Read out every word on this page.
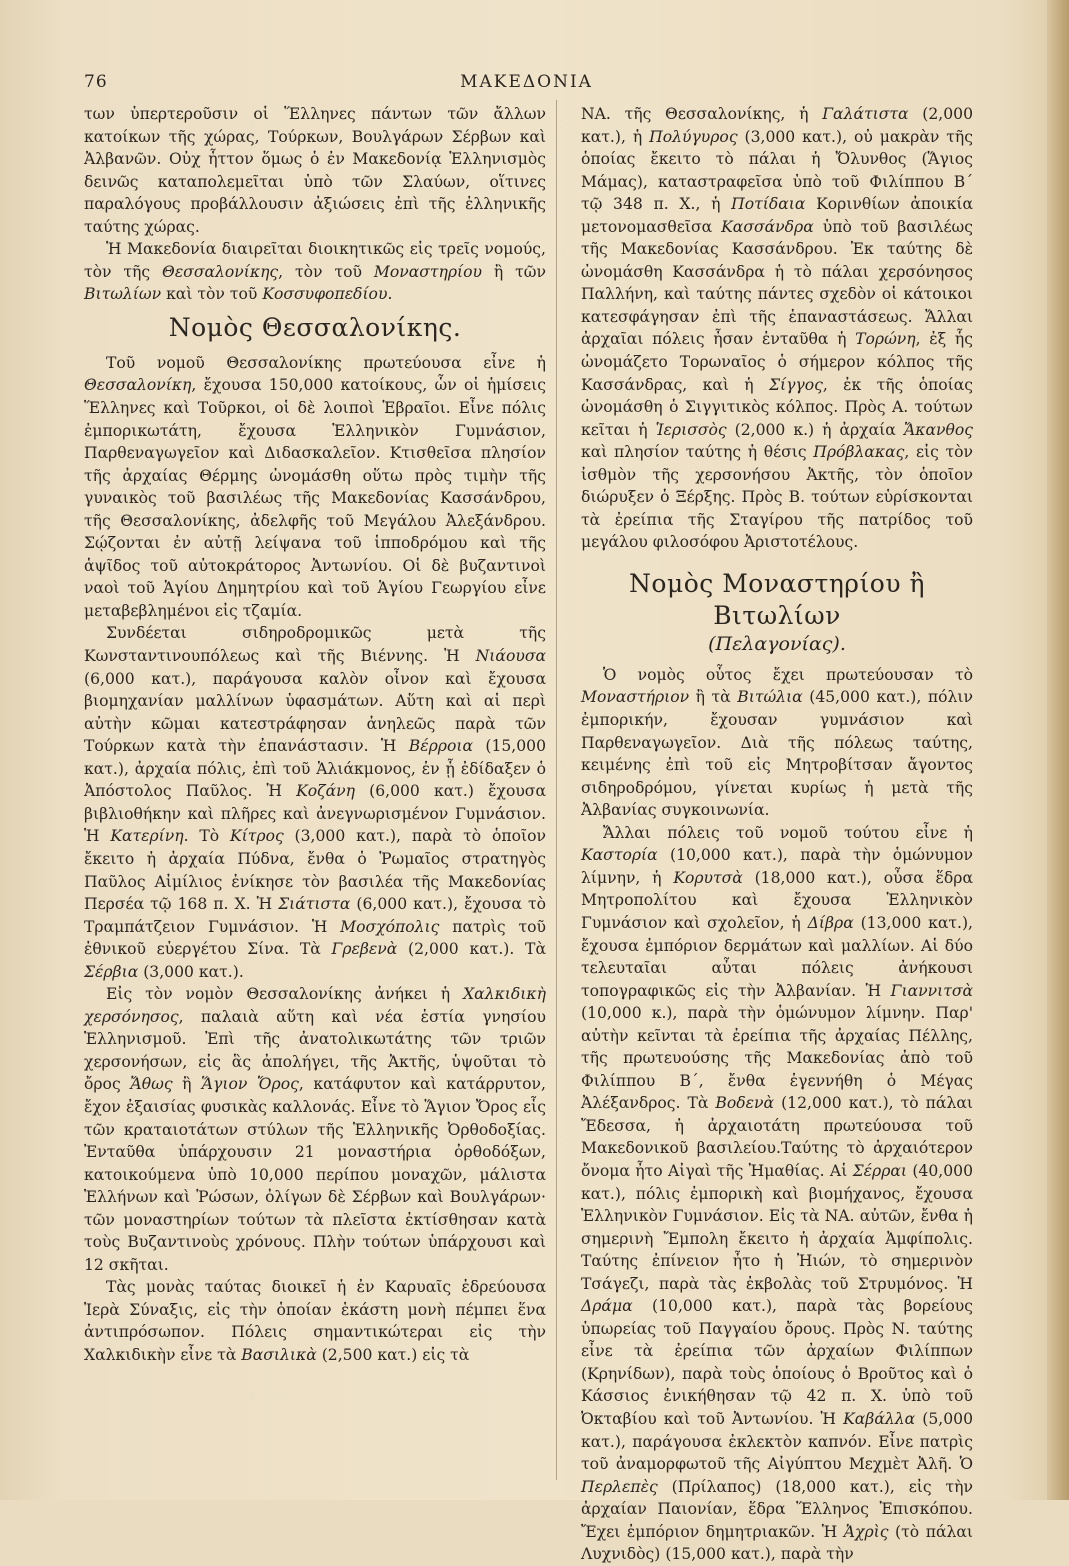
76	ΜΑΚΕΔΟΝΙΑ

των ὑπερτεροῦσιν οἱ Ἕλληνες πάντων τῶν ἄλλων κατοίκων τῆς χώρας, Τούρκων, Βουλγάρων Σέρβων καὶ Ἀλβανῶν. Οὐχ ἧττον ὅμως ὁ ἐν Μακεδονίᾳ Ἑλληνισμὸς δεινῶς καταπολεμεῖται ὑπὸ τῶν Σλαύων, οἵτινες παραλόγους προβάλλουσιν ἀξιώσεις ἐπὶ τῆς ἑλληνικῆς ταύτης χώρας.

Ἡ Μακεδονία διαιρεῖται διοικητικῶς εἰς τρεῖς νομούς, τὸν τῆς Θεσσαλονίκης, τὸν τοῦ Μοναστηρίου ἢ τῶν Βιτωλίων καὶ τὸν τοῦ Κοσσυφοπεδίου.

Νομὸς Θεσσαλονίκης.

Τοῦ νομοῦ Θεσσαλονίκης πρωτεύουσα εἶνε ἡ Θεσσαλονίκη, ἔχουσα 150,000 κατοίκους, ὧν οἱ ἡμίσεις Ἕλληνες καὶ Τοῦρκοι, οἱ δὲ λοιποὶ Ἑβραῖοι. Εἶνε πόλις ἐμπορικωτάτη, ἔχουσα Ἑλληνικὸν Γυμνάσιον, Παρθεναγωγεῖον καὶ Διδασκαλεῖον. Κτισθεῖσα πλησίον τῆς ἀρχαίας Θέρμης ὠνομάσθη οὕτω πρὸς τιμὴν τῆς γυναικὸς τοῦ βασιλέως τῆς Μακεδονίας Κασσάνδρου, τῆς Θεσσαλονίκης, ἀδελφῆς τοῦ Μεγάλου Ἀλεξάνδρου. Σῴζονται ἐν αὐτῇ λείψανα τοῦ ἱπποδρόμου καὶ τῆς ἁψῖδος τοῦ αὐτοκράτορος Ἀντωνίου. Οἱ δὲ βυζαντινοὶ ναοὶ τοῦ Ἁγίου Δημητρίου καὶ τοῦ Ἁγίου Γεωργίου εἶνε μεταβεβλημένοι εἰς τζαμία.

Συνδέεται σιδηροδρομικῶς μετὰ τῆς Κωνσταντινουπόλεως καὶ τῆς Βιέννης. Ἡ Νιάουσα (6,000 κατ.), παράγουσα καλὸν οἶνον καὶ ἔχουσα βιομηχανίαν μαλλίνων ὑφασμάτων. Αὕτη καὶ αἱ περὶ αὐτὴν κῶμαι κατεστράφησαν ἀνηλεῶς παρὰ τῶν Τούρκων κατὰ τὴν ἐπανάστασιν. Ἡ Βέρροια (15,000 κατ.), ἀρχαία πόλις, ἐπὶ τοῦ Ἁλιάκμονος, ἐν ᾗ ἐδίδαξεν ὁ Ἀπόστολος Παῦλος. Ἡ Κοζάνη (6,000 κατ.) ἔχουσα βιβλιοθήκην καὶ πλῆρες καὶ ἀνεγνωρισμένον Γυμνάσιον. Ἡ Κατερίνη. Τὸ Κίτρος (3,000 κατ.), παρὰ τὸ ὁποῖον ἔκειτο ἡ ἀρχαία Πύδνα, ἔνθα ὁ Ῥωμαῖος στρατηγὸς Παῦλος Αἰμίλιος ἐνίκησε τὸν βασιλέα τῆς Μακεδονίας Περσέα τῷ 168 π. Χ. Ἡ Σιάτιστα (6,000 κατ.), ἔχουσα τὸ Τραμπάτζειον Γυμνάσιον. Ἡ Μοσχόπολις πατρὶς τοῦ ἐθνικοῦ εὐεργέτου Σίνα. Τὰ Γρεβενὰ (2,000 κατ.). Τὰ Σέρβια (3,000 κατ.).

Εἰς τὸν νομὸν Θεσσαλονίκης ἀνήκει ἡ Χαλκιδικὴ χερσόνησος, παλαιὰ αὕτη καὶ νέα ἑστία γνησίου Ἑλληνισμοῦ. Ἐπὶ τῆς ἀνατολικωτάτης τῶν τριῶν χερσονήσων, εἰς ἃς ἀπολήγει, τῆς Ἀκτῆς, ὑψοῦται τὸ ὄρος Ἄθως ἢ Ἅγιον Ὄρος, κατάφυτον καὶ κατάρρυτον, ἔχον ἐξαισίας φυσικὰς καλλονάς. Εἶνε τὸ Ἅγιον Ὄρος εἷς τῶν κραταιοτάτων στύλων τῆς Ἑλληνικῆς Ὀρθοδοξίας. Ἐνταῦθα ὑπάρχουσιν 21 μοναστήρια ὀρθοδόξων, κατοικούμενα ὑπὸ 10,000 περίπου μοναχῶν, μάλιστα Ἑλλήνων καὶ Ῥώσων, ὀλίγων δὲ Σέρβων καὶ Βουλγάρων· τῶν μοναστηρίων τούτων τὰ πλεῖστα ἐκτίσθησαν κατὰ τοὺς Βυζαντινοὺς χρόνους. Πλὴν τούτων ὑπάρχουσι καὶ 12 σκῆται.

Τὰς μονὰς ταύτας διοικεῖ ἡ ἐν Καρυαῖς ἑδρεύουσα Ἱερὰ Σύναξις, εἰς τὴν ὁποίαν ἑκάστη μονὴ πέμπει ἕνα ἀντιπρόσωπον. Πόλεις σημαντικώτεραι εἰς τὴν Χαλκιδικὴν εἶνε τὰ Βασιλικὰ (2,500 κατ.) εἰς τὰ

ΝΑ. τῆς Θεσσαλονίκης, ἡ Γαλάτιστα (2,000 κατ.), ἡ Πολύγυρος (3,000 κατ.), οὐ μακρὰν τῆς ὁποίας ἔκειτο τὸ πάλαι ἡ Ὄλυνθος (Ἅγιος Μάμας), καταστραφεῖσα ὑπὸ τοῦ Φιλίππου Β΄ τῷ 348 π. Χ., ἡ Ποτίδαια Κορινθίων ἀποικία μετονομασθεῖσα Κασσάνδρα ὑπὸ τοῦ βασιλέως τῆς Μακεδονίας Κασσάνδρου. Ἐκ ταύτης δὲ ὠνομάσθη Κασσάνδρα ἡ τὸ πάλαι χερσόνησος Παλλήνη, καὶ ταύτης πάντες σχεδὸν οἱ κάτοικοι κατεσφάγησαν ἐπὶ τῆς ἐπαναστάσεως. Ἄλλαι ἀρχαῖαι πόλεις ἦσαν ἐνταῦθα ἡ Τορώνη, ἐξ ἧς ὠνομάζετο Τορωναῖος ὁ σήμερον κόλπος τῆς Κασσάνδρας, καὶ ἡ Σίγγος, ἐκ τῆς ὁποίας ὠνομάσθη ὁ Σιγγιτικὸς κόλπος. Πρὸς Α. τούτων κεῖται ἡ Ἱερισσὸς (2,000 κ.) ἡ ἀρχαία Ἄκανθος καὶ πλησίον ταύτης ἡ θέσις Πρόβλακας, εἰς τὸν ἰσθμὸν τῆς χερσονήσου Ἀκτῆς, τὸν ὁποῖον διώρυξεν ὁ Ξέρξης. Πρὸς Β. τούτων εὑρίσκονται τὰ ἐρείπια τῆς Σταγίρου τῆς πατρίδος τοῦ μεγάλου φιλοσόφου Ἀριστοτέλους.

Νομὸς Μοναστηρίου ἢ Βιτωλίων
(Πελαγονίας).

Ὁ νομὸς οὗτος ἔχει πρωτεύουσαν τὸ Μοναστήριον ἢ τὰ Βιτώλια (45,000 κατ.), πόλιν ἐμπορικήν, ἔχουσαν γυμνάσιον καὶ Παρθεναγωγεῖον. Διὰ τῆς πόλεως ταύτης, κειμένης ἐπὶ τοῦ εἰς Μητροβίτσαν ἄγοντος σιδηροδρόμου, γίνεται κυρίως ἡ μετὰ τῆς Ἀλβανίας συγκοινωνία.

Ἄλλαι πόλεις τοῦ νομοῦ τούτου εἶνε ἡ Καστορία (10,000 κατ.), παρὰ τὴν ὁμώνυμον λίμνην, ἡ Κορυτσὰ (18,000 κατ.), οὖσα ἕδρα Μητροπολίτου καὶ ἔχουσα Ἑλληνικὸν Γυμνάσιον καὶ σχολεῖον, ἡ Δίβρα (13,000 κατ.), ἔχουσα ἐμπόριον δερμάτων καὶ μαλλίων. Αἱ δύο τελευταῖαι αὗται πόλεις ἀνήκουσι τοπογραφικῶς εἰς τὴν Ἀλβανίαν. Ἡ Γιαννιτσὰ (10,000 κ.), παρὰ τὴν ὁμώνυμον λίμνην. Παρ' αὐτὴν κεῖνται τὰ ἐρείπια τῆς ἀρχαίας Πέλλης, τῆς πρωτευούσης τῆς Μακεδονίας ἀπὸ τοῦ Φιλίππου Β΄, ἔνθα ἐγεννήθη ὁ Μέγας Ἀλέξανδρος. Τὰ Βοδενὰ (12,000 κατ.), τὸ πάλαι Ἔδεσσα, ἡ ἀρχαιοτάτη πρωτεύουσα τοῦ Μακεδονικοῦ βασιλείου.Ταύτης τὸ ἀρχαιότερον ὄνομα ἦτο Αἰγαὶ τῆς Ἠμαθίας. Αἱ Σέρραι (40,000 κατ.), πόλις ἐμπορικὴ καὶ βιομήχανος, ἔχουσα Ἑλληνικὸν Γυμνάσιον. Εἰς τὰ ΝΑ. αὐτῶν, ἔνθα ἡ σημερινὴ Ἔμπολη ἔκειτο ἡ ἀρχαία Ἀμφίπολις. Ταύτης ἐπίνειον ἦτο ἡ Ἠιών, τὸ σημερινὸν Τσάγεζι, παρὰ τὰς ἐκβολὰς τοῦ Στρυμόνος. Ἡ Δράμα (10,000 κατ.), παρὰ τὰς βορείους ὑπωρείας τοῦ Παγγαίου ὄρους. Πρὸς Ν. ταύτης εἶνε τὰ ἐρείπια τῶν ἀρχαίων Φιλίππων (Κρηνίδων), παρὰ τοὺς ὁποίους ὁ Βροῦτος καὶ ὁ Κάσσιος ἐνικήθησαν τῷ 42 π. Χ. ὑπὸ τοῦ Ὀκταβίου καὶ τοῦ Ἀντωνίου. Ἡ Καβάλλα (5,000 κατ.), παράγουσα ἐκλεκτὸν καπνόν. Εἶνε πατρὶς τοῦ ἀναμορφωτοῦ τῆς Αἰγύπτου Μεχμὲτ Ἀλῆ. Ὁ Περλεπὲς (Πρίλαπος) (18,000 κατ.), εἰς τὴν ἀρχαίαν Παιονίαν, ἕδρα Ἕλληνος Ἐπισκόπου. Ἔχει ἐμπόριον δημητριακῶν. Ἡ Ἀχρὶς (τὸ πάλαι Λυχνιδὸς) (15,000 κατ.), παρὰ τὴν
